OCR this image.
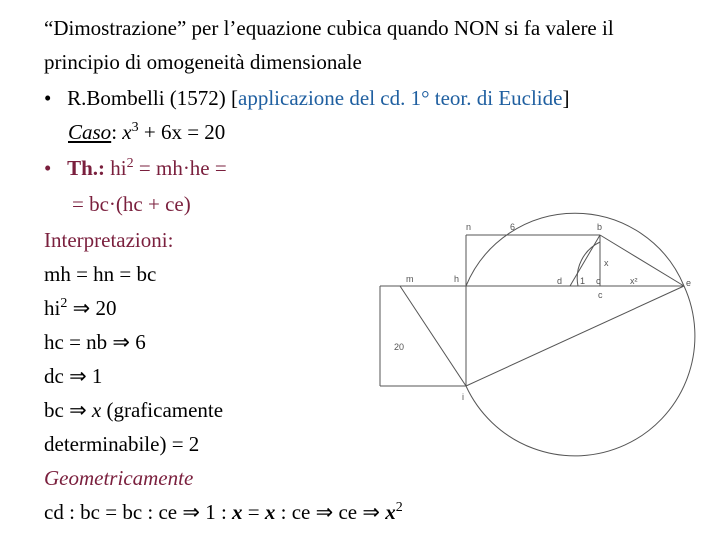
“Dimostrazione” per l’equazione cubica quando NON si fa valere il
principio di omogeneità dimensionale
• R.Bombelli (1572) [applicazione del cd. 1° teor. di Euclide]
Caso: $x^3 + 6x = 20$
• Th.: $hi^2 = mh\cdot he$ =
= bc·(hc + ce)
Interpretazioni:
mh = hn = bc
$hi^2$ ⇒ 20
hc = nb ⇒ 6
dc ⇒ 1
bc ⇒ x (graficamente
determinabile) = 2
Geometricamente
cd : bc = bc : ce ⇒ 1 : x = x : ce ⇒ ce ⇒ $x^2$
n	6	b
m	h	d 1 c
x
x²	e
c
20
i
